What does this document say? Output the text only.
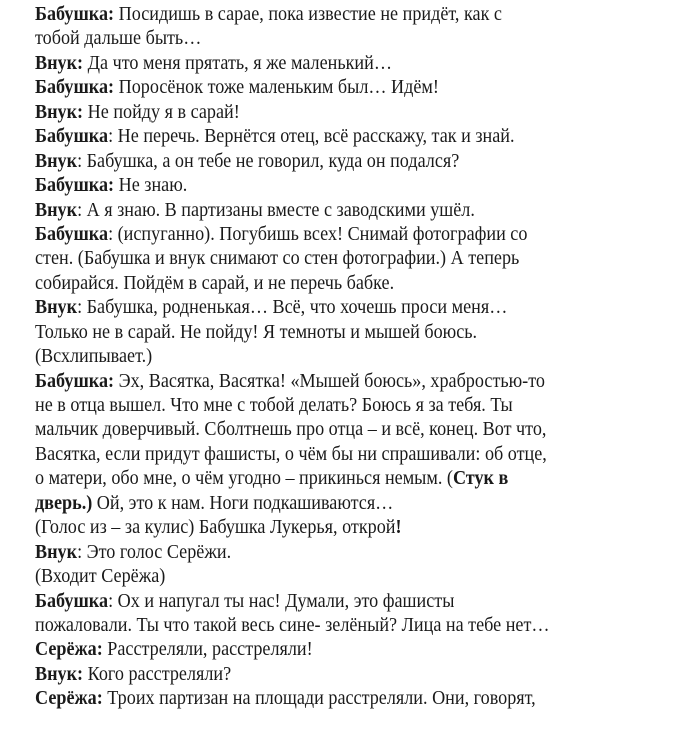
Бабушка: Посидишь в сарае, пока известие не придёт, как с
тобой дальше быть…
Внук: Да что меня прятать, я же маленький…
Бабушка: Поросёнок тоже маленьким был… Идём!
Внук: Не пойду я в сарай!
Бабушка: Не перечь. Вернётся отец, всё расскажу, так и знай.
Внук: Бабушка, а он тебе не говорил, куда он подался?
Бабушка: Не знаю.
Внук: А я знаю. В партизаны вместе с заводскими ушёл.
Бабушка: (испуганно). Погубишь всех! Снимай фотографии со
стен. (Бабушка и внук снимают со стен фотографии.) А теперь
собирайся. Пойдём в сарай, и не перечь бабке.
Внук: Бабушка, родненькая… Всё, что хочешь проси меня…
Только не в сарай. Не пойду! Я темноты и мышей боюсь.
(Всхлипывает.)
Бабушка: Эх, Васятка, Васятка! «Мышей боюсь», храбростью-то
не в отца вышел. Что мне с тобой делать? Боюсь я за тебя. Ты
мальчик доверчивый. Сболтнешь про отца – и всё, конец. Вот что,
Васятка, если придут фашисты, о чём бы ни спрашивали: об отце,
о матери, обо мне, о чём угодно – прикинься немым. (Стук в
дверь.) Ой, это к нам. Ноги подкашиваются…
(Голос из – за кулис) Бабушка Лукерья, открой!
Внук: Это голос Серёжи.
(Входит Серёжа)
Бабушка: Ох и напугал ты нас! Думали, это фашисты
пожаловали. Ты что такой весь сине- зелёный? Лица на тебе нет…
Серёжа: Расстреляли, расстреляли!
Внук: Кого расстреляли?
Серёжа: Троих партизан на площади расстреляли. Они, говорят,
